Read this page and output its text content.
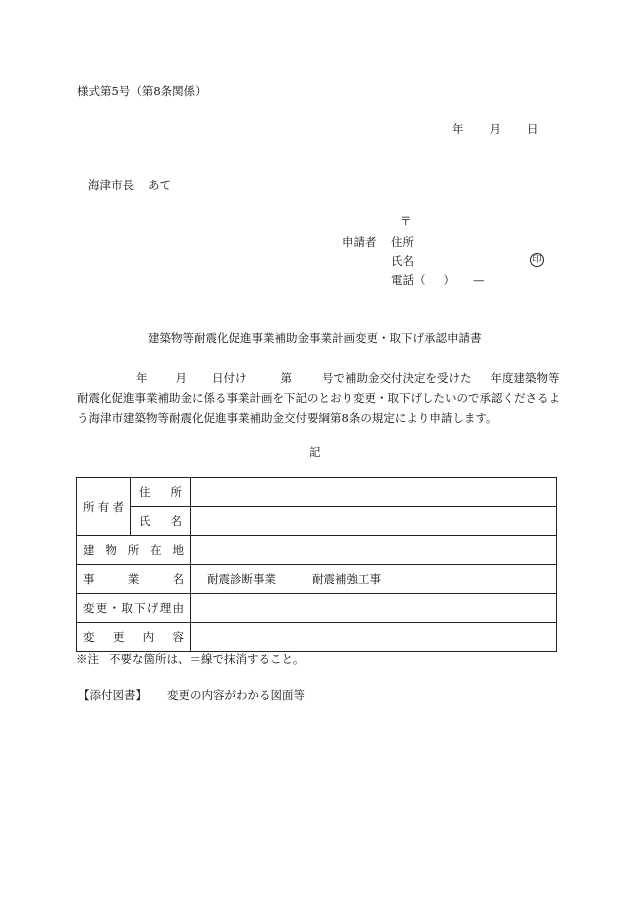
様式第5号（第8条関係）
年 月 日
海津市長 あて
〒
申請者 住所
氏名	印
電話（ ） —
建築物等耐震化促進事業補助金事業計画変更・取下げ承認申請書
年 月 日付け	第	号で補助金交付決定を受けた 年度建築物等耐震化促進事業補助金に係る事業計画を下記のとおり変更・取下げしたいので承認くださるよう海津市建築物等耐震化促進事業補助金交付要綱第8条の規定により申請します。
記
所有者	住　所	
	氏　名	
建物所在地		
事業名		耐震診断事業 耐震補強工事
変更・取下げ理由		
変更内容		
※注 不要な箇所は、＝線で抹消すること。
【添付図書】 変更の内容がわかる図面等
